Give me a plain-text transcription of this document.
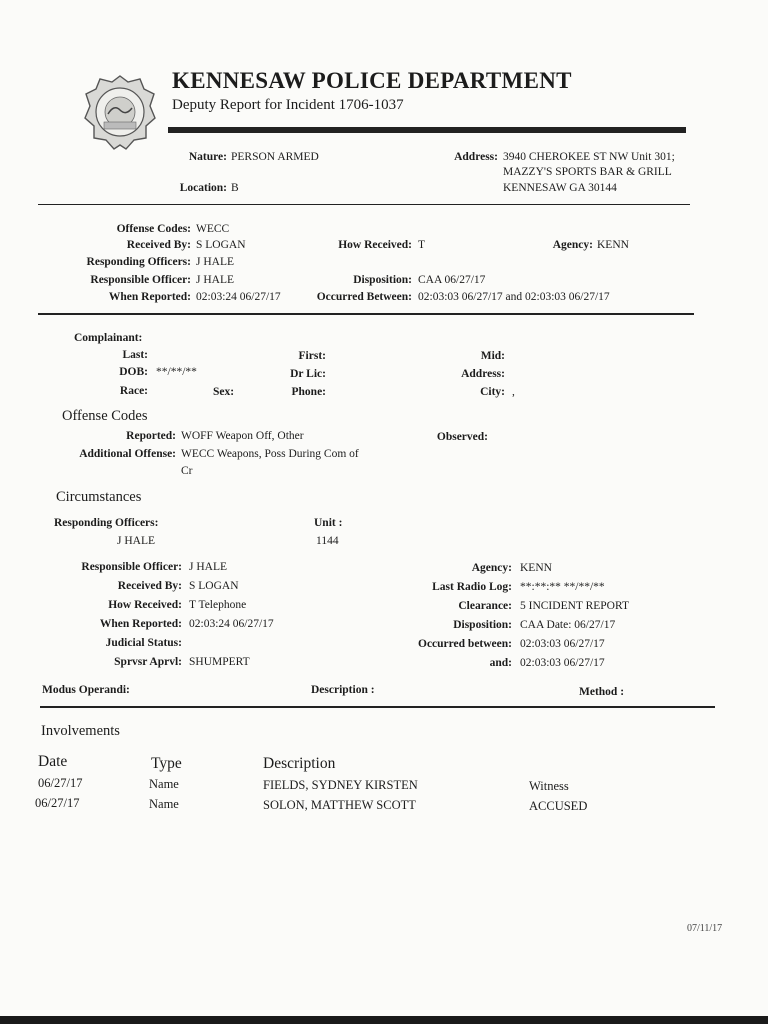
KENNESAW POLICE DEPARTMENT
Deputy Report for Incident 1706-1037
Nature: PERSON ARMED
Location: B
Address: 3940 CHEROKEE ST NW Unit 301;
MAZZY'S SPORTS BAR & GRILL
KENNESAW GA 30144
Offense Codes: WECC
Received By: S LOGAN	How Received: T	Agency: KENN
Responding Officers: J HALE
Responsible Officer: J HALE	Disposition: CAA 06/27/17
When Reported: 02:03:24 06/27/17	Occurred Between: 02:03:03 06/27/17 and 02:03:03 06/27/17
Complainant:
Last:	First:	Mid:
DOB: **/**/**	Dr Lic:	Address:
Race:	Sex:	Phone:	City: ,
Offense Codes
Reported: WOFF Weapon Off, Other	Observed:
Additional Offense: WECC Weapons, Poss During Com of
Cr
Circumstances
Responding Officers:
J HALE
Unit :
1144
Responsible Officer: J HALE	Agency: KENN
Received By: S LOGAN	Last Radio Log: **:**:** **/**/**
How Received: T Telephone	Clearance: 5 INCIDENT REPORT
When Reported: 02:03:24 06/27/17	Disposition: CAA Date: 06/27/17
Judicial Status:	Occurred between: 02:03:03 06/27/17
Sprvsr Aprvl: SHUMPERT	and: 02:03:03 06/27/17
Modus Operandi:	Description :	Method :
Involvements
Date	Type	Description
06/27/17	Name	FIELDS, SYDNEY KIRSTEN	Witness
06/27/17	Name	SOLON, MATTHEW SCOTT	ACCUSED
07/11/17
